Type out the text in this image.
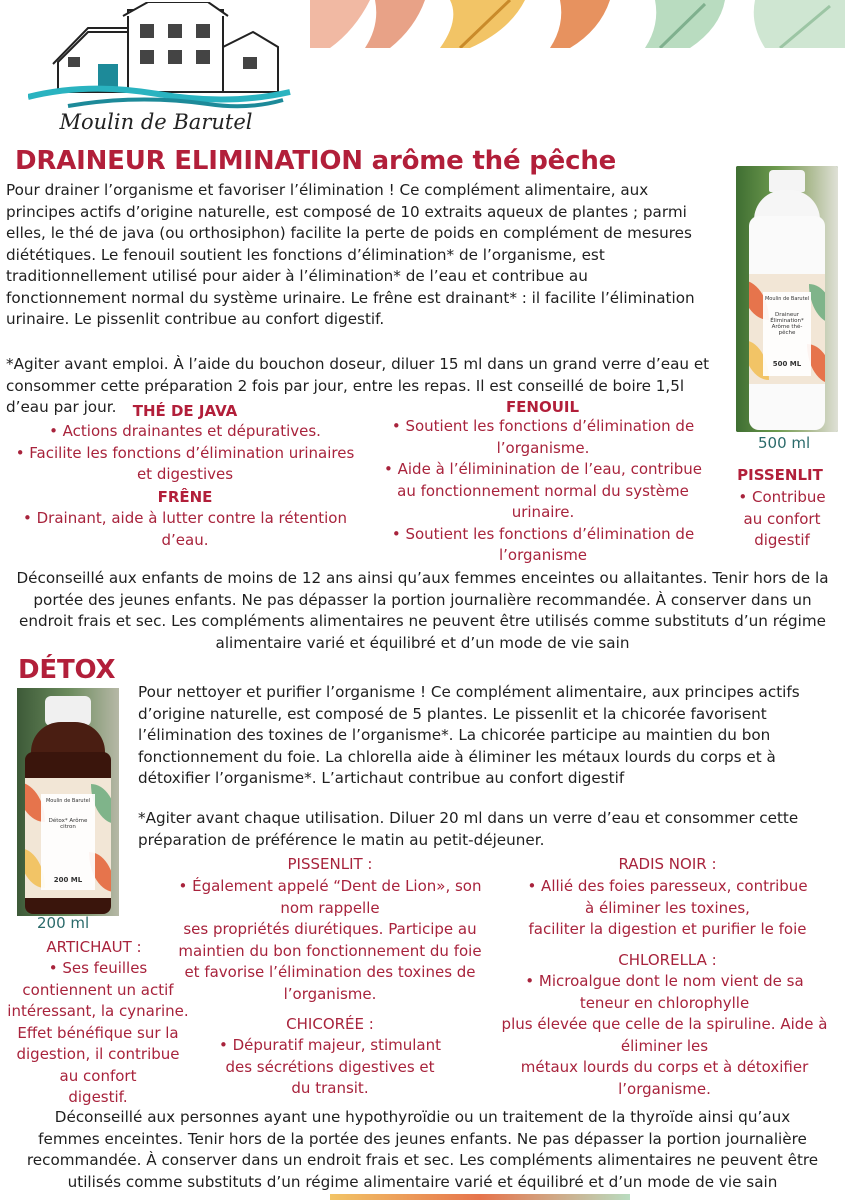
Moulin de Barutel
DRAINEUR ELIMINATION arôme thé pêche

Pour drainer l’organisme et favoriser l’élimination ! Ce complément alimentaire, aux

principes actifs d’origine naturelle, est composé de 10 extraits aqueux de plantes ; parmi

elles, le thé de java (ou orthosiphon) facilite la perte de poids en complément de mesures

diététiques. Le fenouil soutient les fonctions d’élimination* de l’organisme, est

traditionnellement utilisé pour aider à l’élimination* de l’eau et contribue au

fonctionnement normal du système urinaire. Le frêne est drainant* : il facilite l’élimination

urinaire. Le pissenlit contribue au confort digestif.

*Agiter avant emploi. À l’aide du bouchon doseur, diluer 15 ml dans un grand verre d’eau et

consommer cette préparation 2 fois par jour, entre les repas. Il est conseillé de boire 1,5l

d’eau par jour.

Moulin de Barutel
Draineur Élimination* Arôme thé-pêche
500 ML
500 ml
THÉ DE JAVA
• Actions drainantes et dépuratives.
• Facilite les fonctions d’élimination urinaires
et digestives
FRÊNE
• Drainant, aide à lutter contre la rétention
d’eau.
FENOUIL
• Soutient les fonctions d’élimination de
l’organisme.
• Aide à l’éliminination de l’eau, contribue
au fonctionnement normal du système
urinaire.
• Soutient les fonctions d’élimination de
l’organisme
PISSENLIT
• Contribue
au confort
digestif

Déconseillé aux enfants de moins de 12 ans ainsi qu’aux femmes enceintes ou allaitantes. Tenir hors de la

portée des jeunes enfants. Ne pas dépasser la portion journalière recommandée. À conserver dans un

endroit frais et sec. Les compléments alimentaires ne peuvent être utilisés comme substituts d’un régime

alimentaire varié et équilibré et d’un mode de vie sain

DÉTOX
Moulin de Barutel
Détox* Arôme citron
200 ML
200 ml

Pour nettoyer et purifier l’organisme ! Ce complément alimentaire, aux principes actifs

d’origine naturelle, est composé de 5 plantes. Le pissenlit et la chicorée favorisent

l’élimination des toxines de l’organisme*. La chicorée participe au maintien du bon

fonctionnement du foie. La chlorella aide à éliminer les métaux lourds du corps et à

détoxifier l’organisme*. L’artichaut contribue au confort digestif

*Agiter avant chaque utilisation. Diluer 20 ml dans un verre d’eau et consommer cette

préparation de préférence le matin au petit-déjeuner.

PISSENLIT :
• Également appelé “Dent de Lion», son
nom rappelle
ses propriétés diurétiques. Participe au
maintien du bon fonctionnement du foie
et favorise l’élimination des toxines de
l’organisme.
CHICORÉE :
• Dépuratif majeur, stimulant
des sécrétions digestives et
du transit.
RADIS NOIR :
• Allié des foies paresseux, contribue
à éliminer les toxines,
faciliter la digestion et purifier le foie
CHLORELLA :
• Microalgue dont le nom vient de sa
teneur en chlorophylle
plus élevée que celle de la spiruline. Aide à
éliminer les
métaux lourds du corps et à détoxifier
l’organisme.
ARTICHAUT :
• Ses feuilles
contiennent un actif
intéressant, la cynarine.
Effet bénéfique sur la
digestion, il contribue
au confort
digestif.

Déconseillé aux personnes ayant une hypothyroïdie ou un traitement de la thyroïde ainsi qu’aux

femmes enceintes. Tenir hors de la portée des jeunes enfants. Ne pas dépasser la portion journalière

recommandée. À conserver dans un endroit frais et sec. Les compléments alimentaires ne peuvent être

utilisés comme substituts d’un régime alimentaire varié et équilibré et d’un mode de vie sain
